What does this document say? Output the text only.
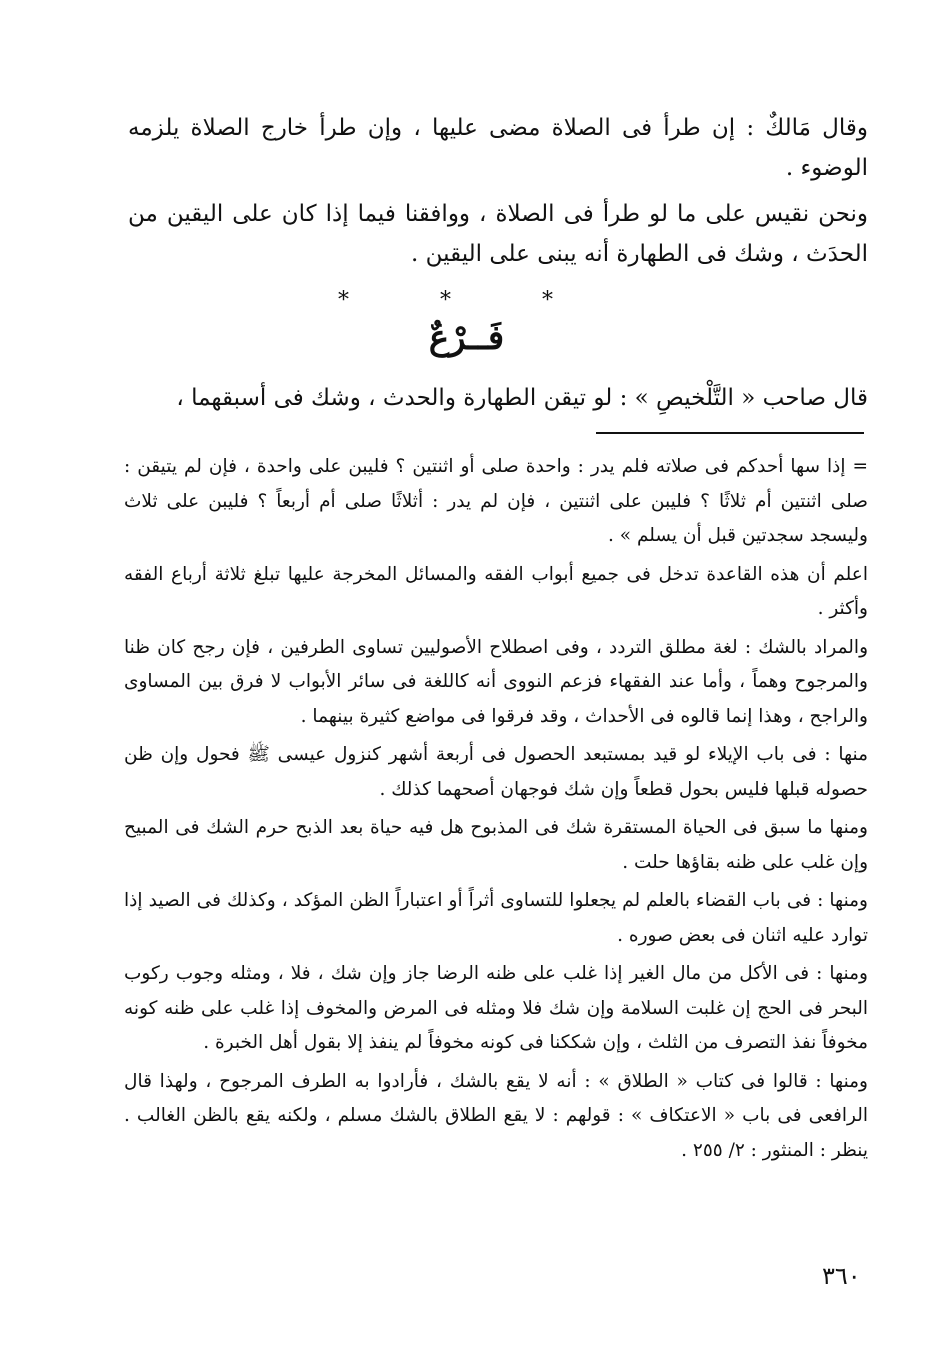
وقال مَالكٌ : إن طرأ فى الصلاة مضى عليها ، وإن طرأ خارج الصلاة يلزمه الوضوء .

ونحن نقيس على ما لو طرأ فى الصلاة ، ووافقنا فيما إذا كان على اليقين من الحدَث ، وشك فى الطهارة أنه يبنى على اليقين .

* * *
فَــرْعٌ

قال صاحب « التَّلْخيصِ » : لو تيقن الطهارة والحدث ، وشك فى أسبقهما ،

= إذا سها أحدكم فى صلاته فلم يدر : واحدة صلى أو اثنتين ؟ فليبن على واحدة ، فإن لم يتيقن : صلى اثنتين أم ثلاثًا ؟ فليبن على اثنتين ، فإن لم يدر : أثلاثًا صلى أم أربعاً ؟ فليبن على ثلاث وليسجد سجدتين قبل أن يسلم » .

اعلم أن هذه القاعدة تدخل فى جميع أبواب الفقه والمسائل المخرجة عليها تبلغ ثلاثة أرباع الفقه وأكثر .

والمراد بالشك : لغة مطلق التردد ، وفى اصطلاح الأصوليين تساوى الطرفين ، فإن رجح كان ظنا والمرجوح وهماً ، وأما عند الفقهاء فزعم النووى أنه كاللغة فى سائر الأبواب لا فرق بين المساوى والراجح ، وهذا إنما قالوه فى الأحداث ، وقد فرقوا فى مواضع كثيرة بينهما .

منها : فى باب الإيلاء لو قيد بمستبعد الحصول فى أربعة أشهر كنزول عيسى ﷺ فحول وإن ظن حصوله قبلها فليس بحول قطعاً وإن شك فوجهان أصحهما كذلك .

ومنها ما سبق فى الحياة المستقرة شك فى المذبوح هل فيه حياة بعد الذبح حرم الشك فى المبيح وإن غلب على ظنه بقاؤها حلت .

ومنها : فى باب القضاء بالعلم لم يجعلوا للتساوى أثراً أو اعتباراً الظن المؤكد ، وكذلك فى الصيد إذا توارد عليه اثنان فى بعض صوره .

ومنها : فى الأكل من مال الغير إذا غلب على ظنه الرضا جاز وإن شك ، فلا ، ومثله وجوب ركوب البحر فى الحج إن غلبت السلامة وإن شك فلا ومثله فى المرض والمخوف إذا غلب على ظنه كونه مخوفاً نفذ التصرف من الثلث ، وإن شككنا فى كونه مخوفاً لم ينفذ إلا بقول أهل الخبرة .

ومنها : قالوا فى كتاب « الطلاق » : أنه لا يقع بالشك ، فأرادوا به الطرف المرجوح ، ولهذا قال الرافعى فى باب « الاعتكاف » : قولهم : لا يقع الطلاق بالشك مسلم ، ولكنه يقع بالظن الغالب . ينظر : المنثور : ٢/ ٢٥٥ .

٣٦٠
